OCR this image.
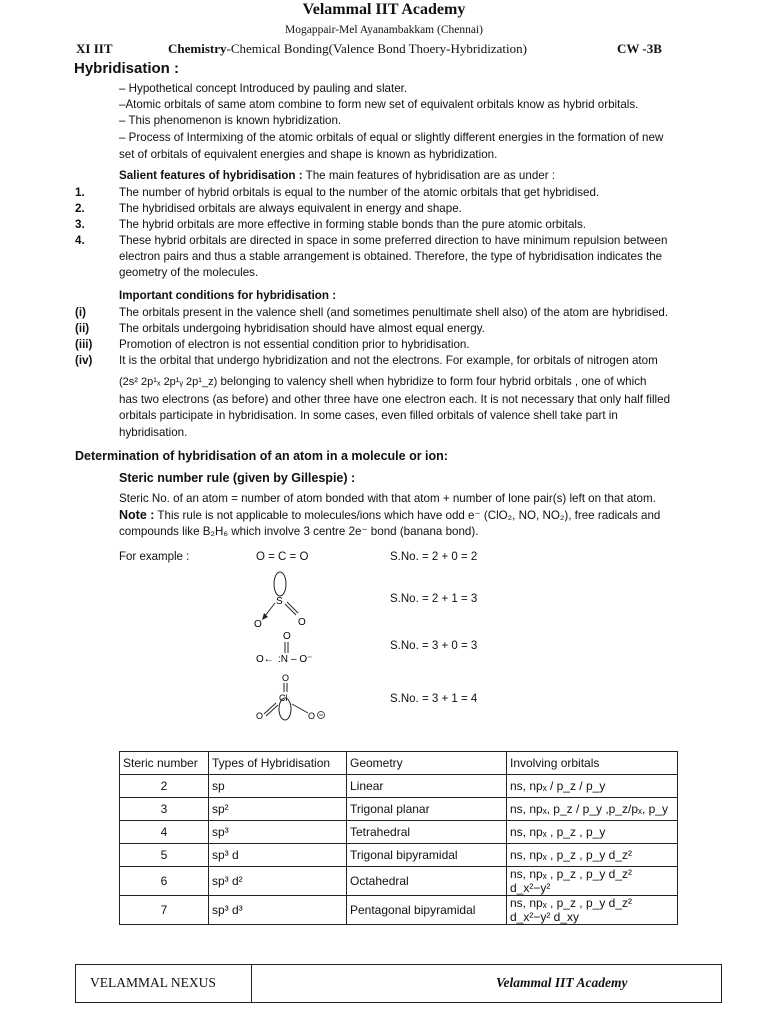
Velammal IIT Academy
Mogappair-Mel Ayanambakkam (Chennai)
XI IIT	Chemistry-Chemical Bonding(Valence Bond Thoery-Hybridization)	CW -3B
Hybridisation :
– Hypothetical concept Introduced by pauling and slater.
–Atomic orbitals of same atom combine to form new set of equivalent orbitals know as hybrid orbitals.
– This phenomenon is known hybridization.
– Process of Intermixing of the atomic orbitals of equal or slightly different energies in the formation of new
set of orbitals of equivalent energies and shape is known as hybridization.
Salient features of hybridisation : The main features of hybridisation are as under :
1.	The number of hybrid orbitals is equal to the number of the atomic orbitals that get hybridised.
2.	The hybridised orbitals are always equivalent in energy and shape.
3.	The hybrid orbitals are more effective in forming stable bonds than the pure atomic orbitals.
4.	These hybrid orbitals are directed in space in some preferred direction to have minimum repulsion between
electron pairs and thus a stable arrangement is obtained. Therefore, the type of hybridisation indicates the
geometry of the molecules.
Important conditions for hybridisation :
(i)	The orbitals present in the valence shell (and sometimes penultimate shell also) of the atom are hybridised.
(ii)	The orbitals undergoing hybridisation should have almost equal energy.
(iii) Promotion of electron is not essential condition prior to hybridisation.
(iv) It is the orbital that undergo hybridization and not the electrons. For example, for orbitals of nitrogen atom
(2s² 2p¹ₓ 2p¹ᵧ 2p¹_z) belonging to valency shell when hybridize to form four hybrid orbitals , one of which
has two electrons (as before) and other three have one electron each. It is not necessary that only half filled
orbitals participate in hybridisation. In some cases, even filled orbitals of valence shell take part in
hybridisation.
Determination of hybridisation of an atom in a molecule or ion:
Steric number rule (given by Gillespie) :
Steric No. of an atom = number of atom bonded with that atom + number of lone pair(s) left on that atom.
Note : This rule is not applicable to molecules/ions which have odd e⁻ (ClO₂, NO, NO₂), free radicals and
compounds like B₂H₆ which involve 3 centre 2e⁻ bond (banana bond).
For example :	O = C = O	S.No. = 2 + 0 = 2
S.No. = 2 + 1 = 3
S.No. = 3 + 0 = 3
S.No. = 3 + 1 = 4
S
O	O
O
O← :N – O⁻
O
Cl
O	O
Steric number	Types of Hybridisation	Geometry	Involving orbitals
2	sp	Linear	ns, npₓ / p_z / p_y
3	sp²	Trigonal planar	ns, npₓ, p_z / p_y ,p_z/pₓ, p_y
4	sp³	Tetrahedral	ns, npₓ , p_z , p_y
5	sp³ d	Trigonal bipyramidal	ns, npₓ , p_z , p_y d_z²
6	sp³ d²	Octahedral	ns, npₓ , p_z , p_y d_z² d_x²−y²
7	sp³ d³	Pentagonal bipyramidal	ns, npₓ , p_z , p_y d_z² d_x²−y² d_xy
VELAMMAL NEXUS	Velammal IIT Academy
